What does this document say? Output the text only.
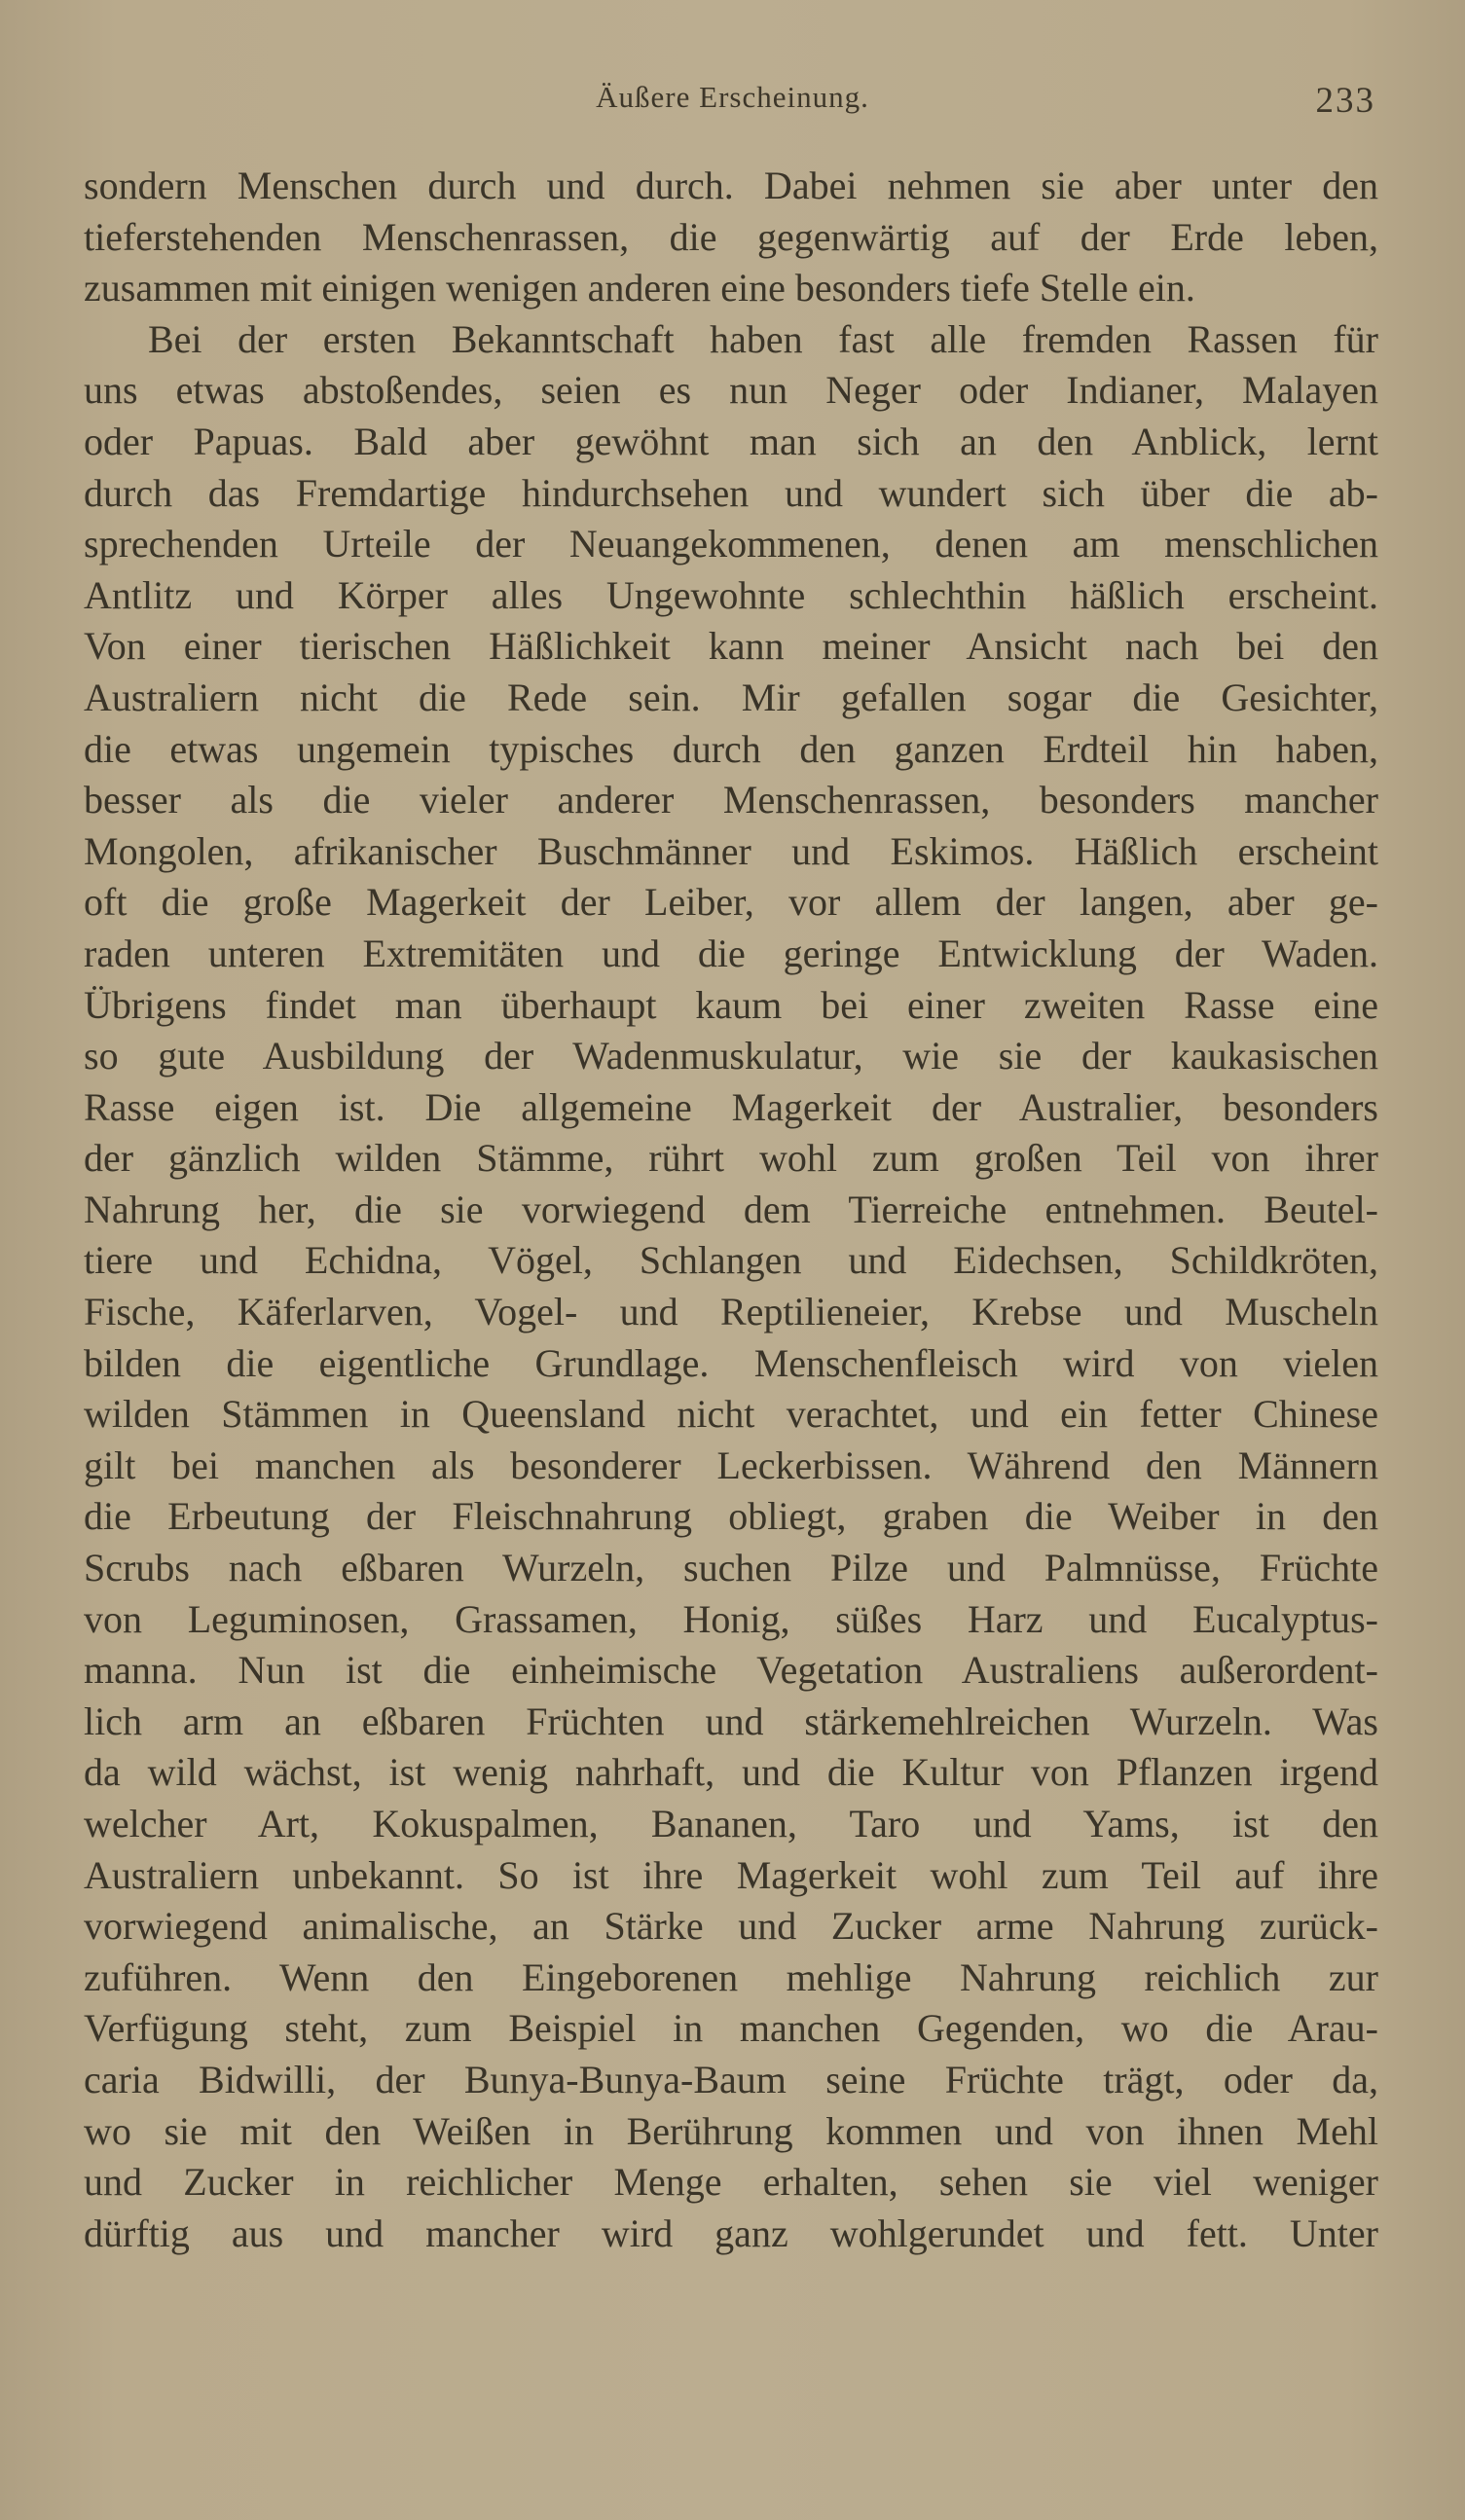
Äußere Erscheinung.	233
sondern Menschen durch und durch. Dabei nehmen sie aber unter den
tieferstehenden Menschenrassen, die gegenwärtig auf der Erde leben,
zusammen mit einigen wenigen anderen eine besonders tiefe Stelle ein.
Bei der ersten Bekanntschaft haben fast alle fremden Rassen für
uns etwas abstoßendes, seien es nun Neger oder Indianer, Malayen
oder Papuas. Bald aber gewöhnt man sich an den Anblick, lernt
durch das Fremdartige hindurchsehen und wundert sich über die ab-
sprechenden Urteile der Neuangekommenen, denen am menschlichen
Antlitz und Körper alles Ungewohnte schlechthin häßlich erscheint.
Von einer tierischen Häßlichkeit kann meiner Ansicht nach bei den
Australiern nicht die Rede sein. Mir gefallen sogar die Gesichter,
die etwas ungemein typisches durch den ganzen Erdteil hin haben,
besser als die vieler anderer Menschenrassen, besonders mancher
Mongolen, afrikanischer Buschmänner und Eskimos. Häßlich erscheint
oft die große Magerkeit der Leiber, vor allem der langen, aber ge-
raden unteren Extremitäten und die geringe Entwicklung der Waden.
Übrigens findet man überhaupt kaum bei einer zweiten Rasse eine
so gute Ausbildung der Wadenmuskulatur, wie sie der kaukasischen
Rasse eigen ist. Die allgemeine Magerkeit der Australier, besonders
der gänzlich wilden Stämme, rührt wohl zum großen Teil von ihrer
Nahrung her, die sie vorwiegend dem Tierreiche entnehmen. Beutel-
tiere und Echidna, Vögel, Schlangen und Eidechsen, Schildkröten,
Fische, Käferlarven, Vogel- und Reptilieneier, Krebse und Muscheln
bilden die eigentliche Grundlage. Menschenfleisch wird von vielen
wilden Stämmen in Queensland nicht verachtet, und ein fetter Chinese
gilt bei manchen als besonderer Leckerbissen. Während den Männern
die Erbeutung der Fleischnahrung obliegt, graben die Weiber in den
Scrubs nach eßbaren Wurzeln, suchen Pilze und Palmnüsse, Früchte
von Leguminosen, Grassamen, Honig, süßes Harz und Eucalyptus-
manna. Nun ist die einheimische Vegetation Australiens außerordent-
lich arm an eßbaren Früchten und stärkemehlreichen Wurzeln. Was
da wild wächst, ist wenig nahrhaft, und die Kultur von Pflanzen irgend
welcher Art, Kokuspalmen, Bananen, Taro und Yams, ist den
Australiern unbekannt. So ist ihre Magerkeit wohl zum Teil auf ihre
vorwiegend animalische, an Stärke und Zucker arme Nahrung zurück-
zuführen. Wenn den Eingeborenen mehlige Nahrung reichlich zur
Verfügung steht, zum Beispiel in manchen Gegenden, wo die Arau-
caria Bidwilli, der Bunya-Bunya-Baum seine Früchte trägt, oder da,
wo sie mit den Weißen in Berührung kommen und von ihnen Mehl
und Zucker in reichlicher Menge erhalten, sehen sie viel weniger
dürftig aus und mancher wird ganz wohlgerundet und fett. Unter
